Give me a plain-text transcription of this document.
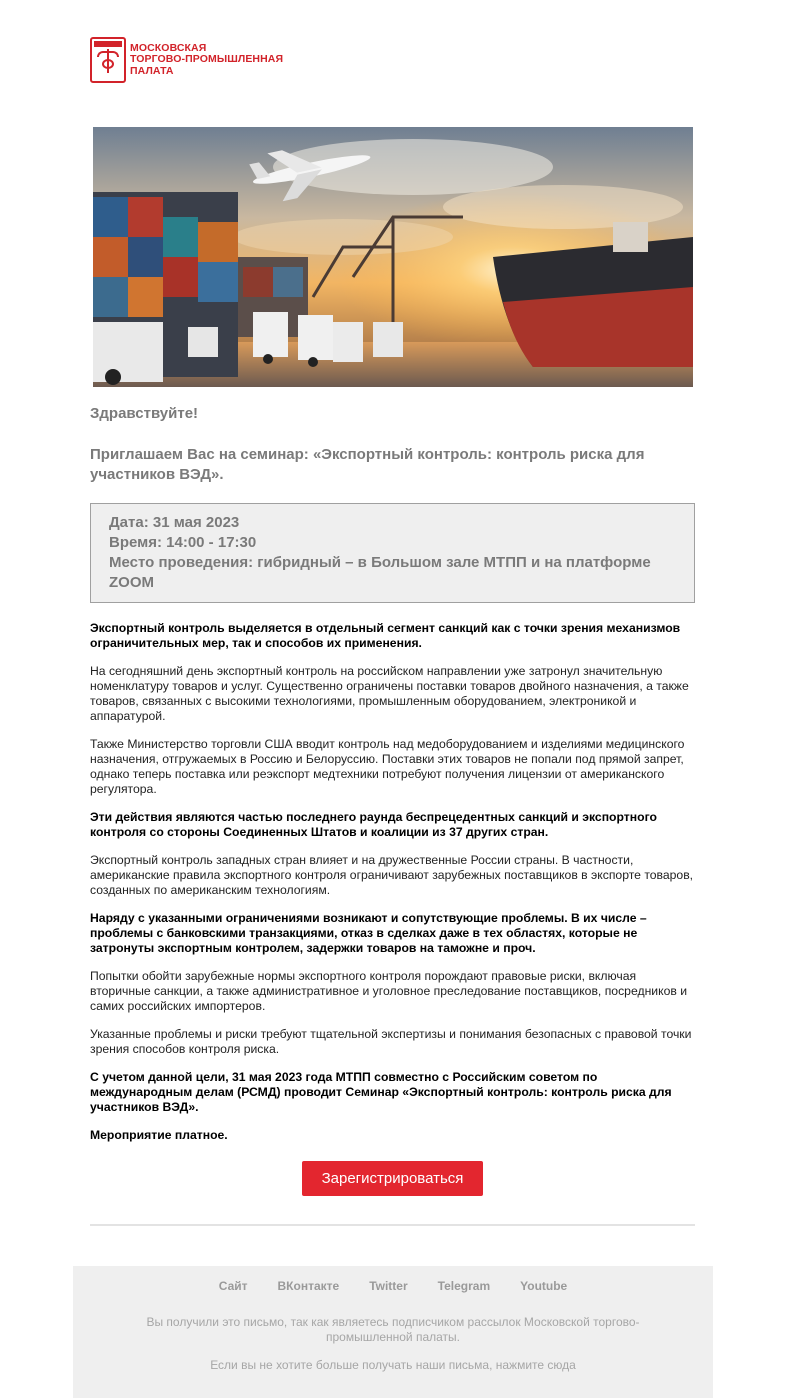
МОСКОВСКАЯ
ТОРГОВО-ПРОМЫШЛЕННАЯ
ПАЛАТА
Здравствуйте!
Приглашаем Вас на семинар: «Экспортный контроль: контроль риска для участников ВЭД».

Дата: 31 мая 2023

Время: 14:00 - 17:30

Место проведения: гибридный – в Большом зале МТПП и на платформе ZOOM

Экспортный контроль выделяется в отдельный сегмент санкций как с точки зрения механизмов ограничительных мер, так и способов их применения.

На сегодняшний день экспортный контроль на российском направлении уже затронул значительную номенклатуру товаров и услуг. Существенно ограничены поставки товаров двойного назначения, а также товаров, связанных с высокими технологиями, промышленным оборудованием, электроникой и аппаратурой.

Также Министерство торговли США вводит контроль над медоборудованием и изделиями медицинского назначения, отгружаемых в Россию и Белоруссию. Поставки этих товаров не попали под прямой запрет, однако теперь поставка или реэкспорт медтехники потребуют получения лицензии от американского регулятора.

Эти действия являются частью последнего раунда беспрецедентных санкций и экспортного контроля со стороны Соединенных Штатов и коалиции из 37 других стран.

Экспортный контроль западных стран влияет и на дружественные России страны. В частности, американские правила экспортного контроля ограничивают зарубежных поставщиков в экспорте товаров, созданных по американским технологиям.

Наряду с указанными ограничениями возникают и сопутствующие проблемы. В их числе – проблемы с банковскими транзакциями, отказ в сделках даже в тех областях, которые не затронуты экспортным контролем, задержки товаров на таможне и проч.

Попытки обойти зарубежные нормы экспортного контроля порождают правовые риски, включая вторичные санкции, а также административное и уголовное преследование поставщиков, посредников и самих российских импортеров.

Указанные проблемы и риски требуют тщательной экспертизы и понимания безопасных с правовой точки зрения способов контроля риска.

С учетом данной цели, 31 мая 2023 года МТПП совместно с Российским советом по международным делам (РСМД) проводит Семинар «Экспортный контроль: контроль риска для участников ВЭД».

Мероприятие платное.

Зарегистрироваться
Сайт	ВКонтакте	Twitter	Telegram	Youtube
Вы получили это письмо, так как являетесь подписчиком рассылок Московской торгово-промышленной палаты.
Если вы не хотите больше получать наши письма, нажмите сюда
